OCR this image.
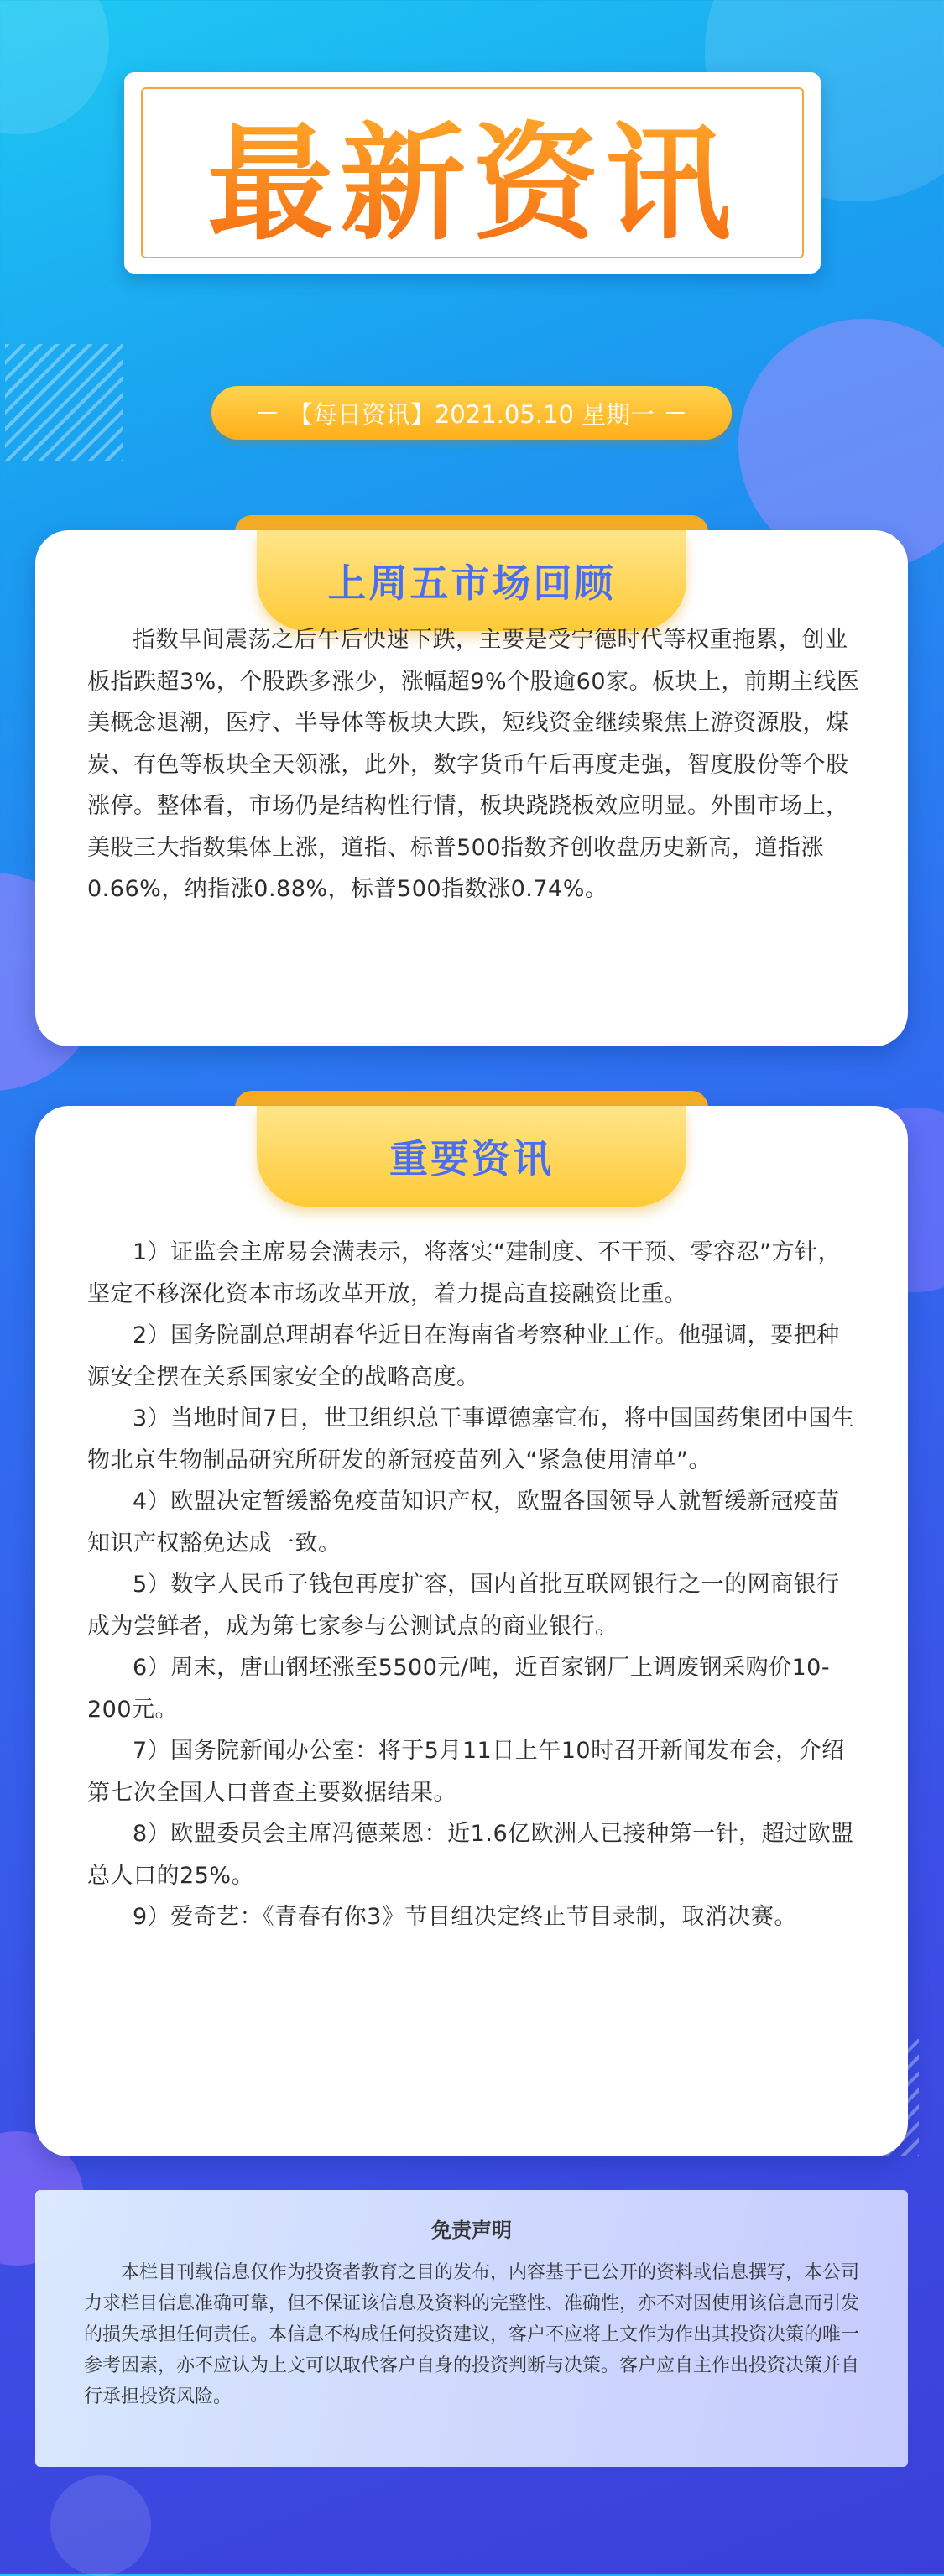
最新资讯
【每日资讯】2021.05.10 星期一
上周五市场回顾

指数早间震荡之后午后快速下跌，主要是受宁德时代等权重拖累，创业板指跌超3%，个股跌多涨少，涨幅超9%个股逾60家。板块上，前期主线医美概念退潮，医疗、半导体等板块大跌，短线资金继续聚焦上游资源股，煤炭、有色等板块全天领涨，此外，数字货币午后再度走强，智度股份等个股涨停。整体看，市场仍是结构性行情，板块跷跷板效应明显。外围市场上，美股三大指数集体上涨，道指、标普500指数齐创收盘历史新高，道指涨0.66%，纳指涨0.88%，标普500指数涨0.74%。

重要资讯

1）证监会主席易会满表示，将落实“建制度、不干预、零容忍”方针，坚定不移深化资本市场改革开放，着力提高直接融资比重。

2）国务院副总理胡春华近日在海南省考察种业工作。他强调，要把种源安全摆在关系国家安全的战略高度。

3）当地时间7日，世卫组织总干事谭德塞宣布，将中国国药集团中国生物北京生物制品研究所研发的新冠疫苗列入“紧急使用清单”。

4）欧盟决定暂缓豁免疫苗知识产权，欧盟各国领导人就暂缓新冠疫苗知识产权豁免达成一致。

5）数字人民币子钱包再度扩容，国内首批互联网银行之一的网商银行成为尝鲜者，成为第七家参与公测试点的商业银行。

6）周末，唐山钢坯涨至5500元/吨，近百家钢厂上调废钢采购价10-200元。

7）国务院新闻办公室：将于5月11日上午10时召开新闻发布会，介绍第七次全国人口普查主要数据结果。

8）欧盟委员会主席冯德莱恩：近1.6亿欧洲人已接种第一针，超过欧盟总人口的25%。

9）爱奇艺：《青春有你3》节目组决定终止节目录制，取消决赛。

免责声明

本栏目刊载信息仅作为投资者教育之目的发布，内容基于已公开的资料或信息撰写，本公司力求栏目信息准确可靠，但不保证该信息及资料的完整性、准确性，亦不对因使用该信息而引发的损失承担任何责任。本信息不构成任何投资建议，客户不应将上文作为作出其投资决策的唯一参考因素，亦不应认为上文可以取代客户自身的投资判断与决策。客户应自主作出投资决策并自行承担投资风险。
